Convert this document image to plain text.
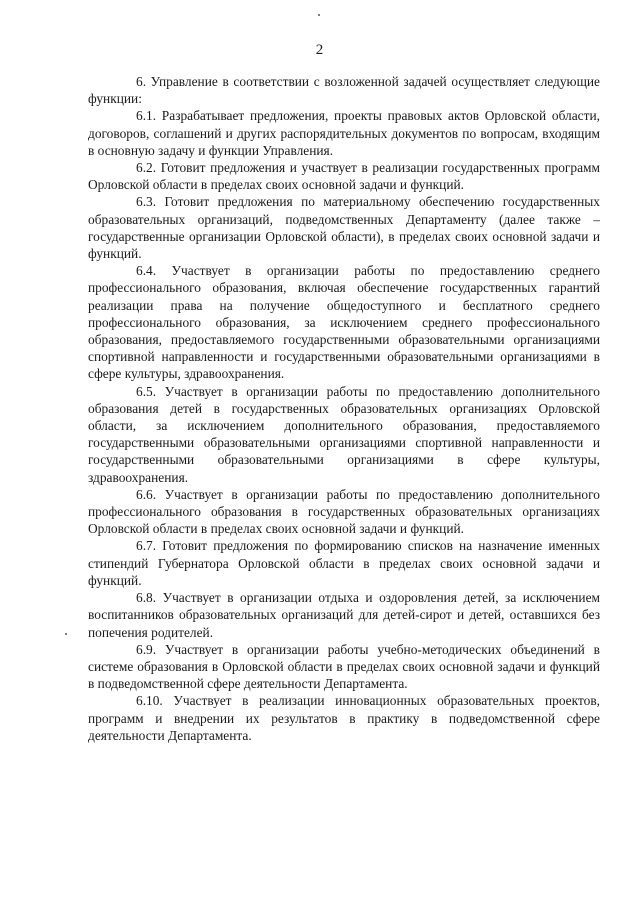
2

6. Управление в соответствии с возложенной задачей осуществляет следующие функции:

6.1. Разрабатывает предложения, проекты правовых актов Орловской области, договоров, соглашений и других распорядительных документов по вопросам, входящим в основную задачу и функции Управления.

6.2. Готовит предложения и участвует в реализации государственных программ Орловской области в пределах своих основной задачи и функций.

6.3. Готовит предложения по материальному обеспечению государственных образовательных организаций, подведомственных Департаменту (далее также – государственные организации Орловской области), в пределах своих основной задачи и функций.

6.4. Участвует в организации работы по предоставлению среднего профессионального образования, включая обеспечение государственных гарантий реализации права на получение общедоступного и бесплатного среднего профессионального образования, за исключением среднего профессионального образования, предоставляемого государственными образовательными организациями спортивной направленности и государственными образовательными организациями в сфере культуры, здравоохранения.

6.5. Участвует в организации работы по предоставлению дополнительного образования детей в государственных образовательных организациях Орловской области, за исключением дополнительного образования, предоставляемого государственными образовательными организациями спортивной направленности и государственными образовательными организациями в сфере культуры, здравоохранения.

6.6. Участвует в организации работы по предоставлению дополнительного профессионального образования в государственных образовательных организациях Орловской области в пределах своих основной задачи и функций.

6.7. Готовит предложения по формированию списков на назначение именных стипендий Губернатора Орловской области в пределах своих основной задачи и функций.

6.8. Участвует в организации отдыха и оздоровления детей, за исключением воспитанников образовательных организаций для детей-сирот и детей, оставшихся без попечения родителей.

6.9. Участвует в организации работы учебно-методических объединений в системе образования в Орловской области в пределах своих основной задачи и функций в подведомственной сфере деятельности Департамента.

6.10. Участвует в реализации инновационных образовательных проектов, программ и внедрении их результатов в практику в подведомственной сфере деятельности Департамента.
